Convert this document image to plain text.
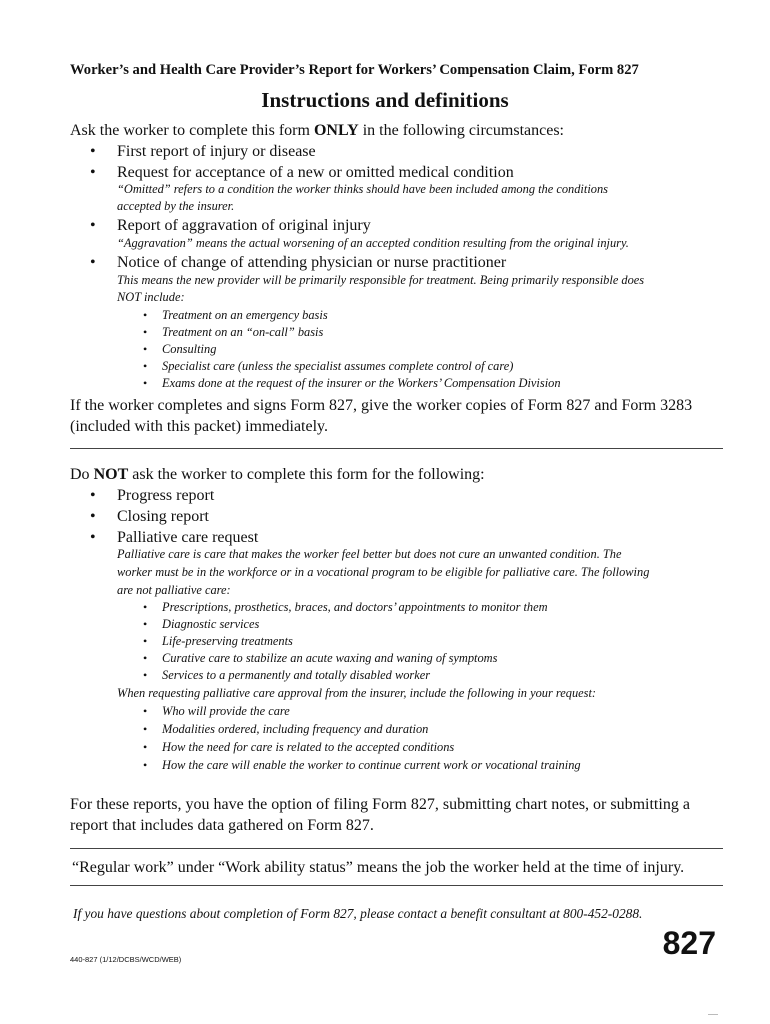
Worker’s and Health Care Provider’s Report for Workers’ Compensation Claim, Form 827
Instructions and definitions
Ask the worker to complete this form ONLY in the following circumstances:
• First report of injury or disease
• Request for acceptance of a new or omitted medical condition
“Omitted” refers to a condition the worker thinks should have been included among the conditions
accepted by the insurer.
• Report of aggravation of original injury
“Aggravation” means the actual worsening of an accepted condition resulting from the original injury.
• Notice of change of attending physician or nurse practitioner
This means the new provider will be primarily responsible for treatment. Being primarily responsible does
NOT include:
• Treatment on an emergency basis
• Treatment on an “on-call” basis
• Consulting
• Specialist care (unless the specialist assumes complete control of care)
• Exams done at the request of the insurer or the Workers’ Compensation Division
If the worker completes and signs Form 827, give the worker copies of Form 827 and Form 3283
(included with this packet) immediately.
Do NOT ask the worker to complete this form for the following:
• Progress report
• Closing report
• Palliative care request
Palliative care is care that makes the worker feel better but does not cure an unwanted condition. The
worker must be in the workforce or in a vocational program to be eligible for palliative care. The following
are not palliative care:
• Prescriptions, prosthetics, braces, and doctors’ appointments to monitor them
• Diagnostic services
• Life-preserving treatments
• Curative care to stabilize an acute waxing and waning of symptoms
• Services to a permanently and totally disabled worker
When requesting palliative care approval from the insurer, include the following in your request:
• Who will provide the care
• Modalities ordered, including frequency and duration
• How the need for care is related to the accepted conditions
• How the care will enable the worker to continue current work or vocational training
For these reports, you have the option of filing Form 827, submitting chart notes, or submitting a
report that includes data gathered on Form 827.
“Regular work” under “Work ability status” means the job the worker held at the time of injury.
If you have questions about completion of Form 827, please contact a benefit consultant at 800-452-0288.
440-827 (1/12/DCBS/WCD/WEB)	827
